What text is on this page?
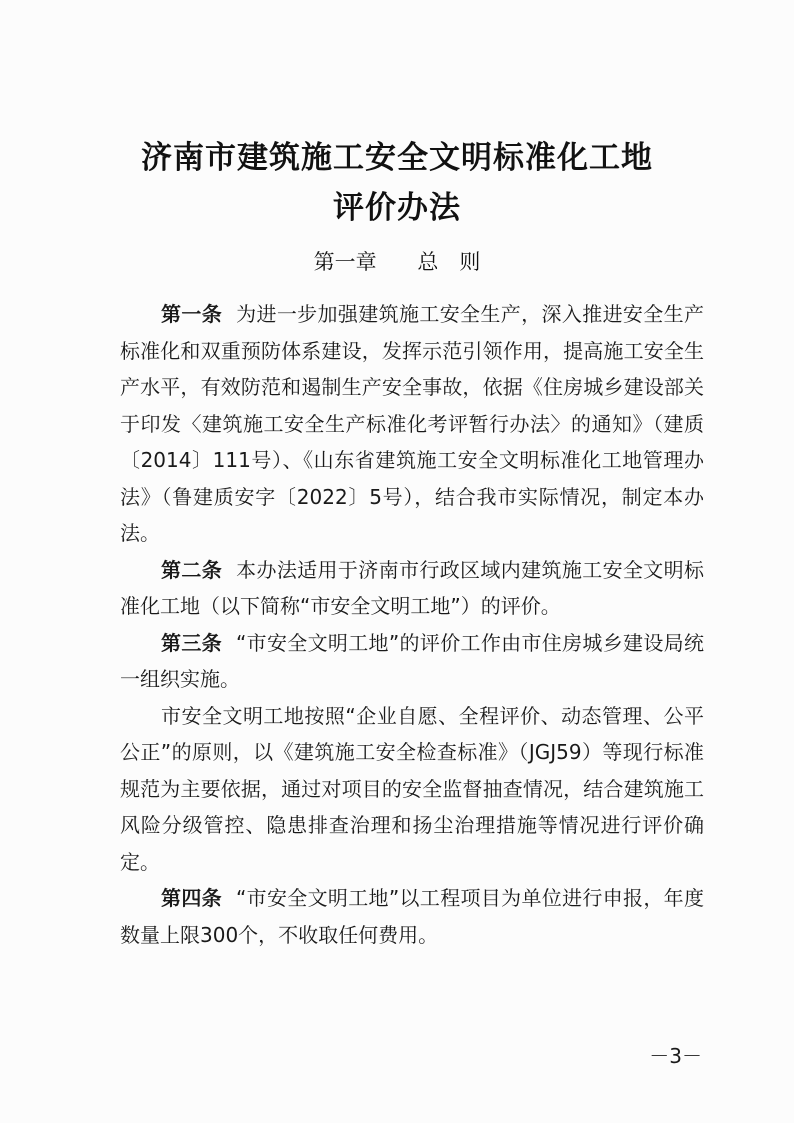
济南市建筑施工安全文明标准化工地
评价办法
第一章 总　则

第一条 为进一步加强建筑施工安全生产，深入推进安全生产标准化和双重预防体系建设，发挥示范引领作用，提高施工安全生产水平，有效防范和遏制生产安全事故，依据《住房城乡建设部关于印发〈建筑施工安全生产标准化考评暂行办法〉的通知》（建质〔2014〕111号）、《山东省建筑施工安全文明标准化工地管理办法》（鲁建质安字〔2022〕5号），结合我市实际情况，制定本办法。

第二条 本办法适用于济南市行政区域内建筑施工安全文明标准化工地（以下简称“市安全文明工地”）的评价。

第三条 “市安全文明工地”的评价工作由市住房城乡建设局统一组织实施。

市安全文明工地按照“企业自愿、全程评价、动态管理、公平公正”的原则，以《建筑施工安全检查标准》（JGJ59）等现行标准规范为主要依据，通过对项目的安全监督抽查情况，结合建筑施工风险分级管控、隐患排查治理和扬尘治理措施等情况进行评价确定。

第四条 “市安全文明工地”以工程项目为单位进行申报，年度数量上限300个，不收取任何费用。

－3－
